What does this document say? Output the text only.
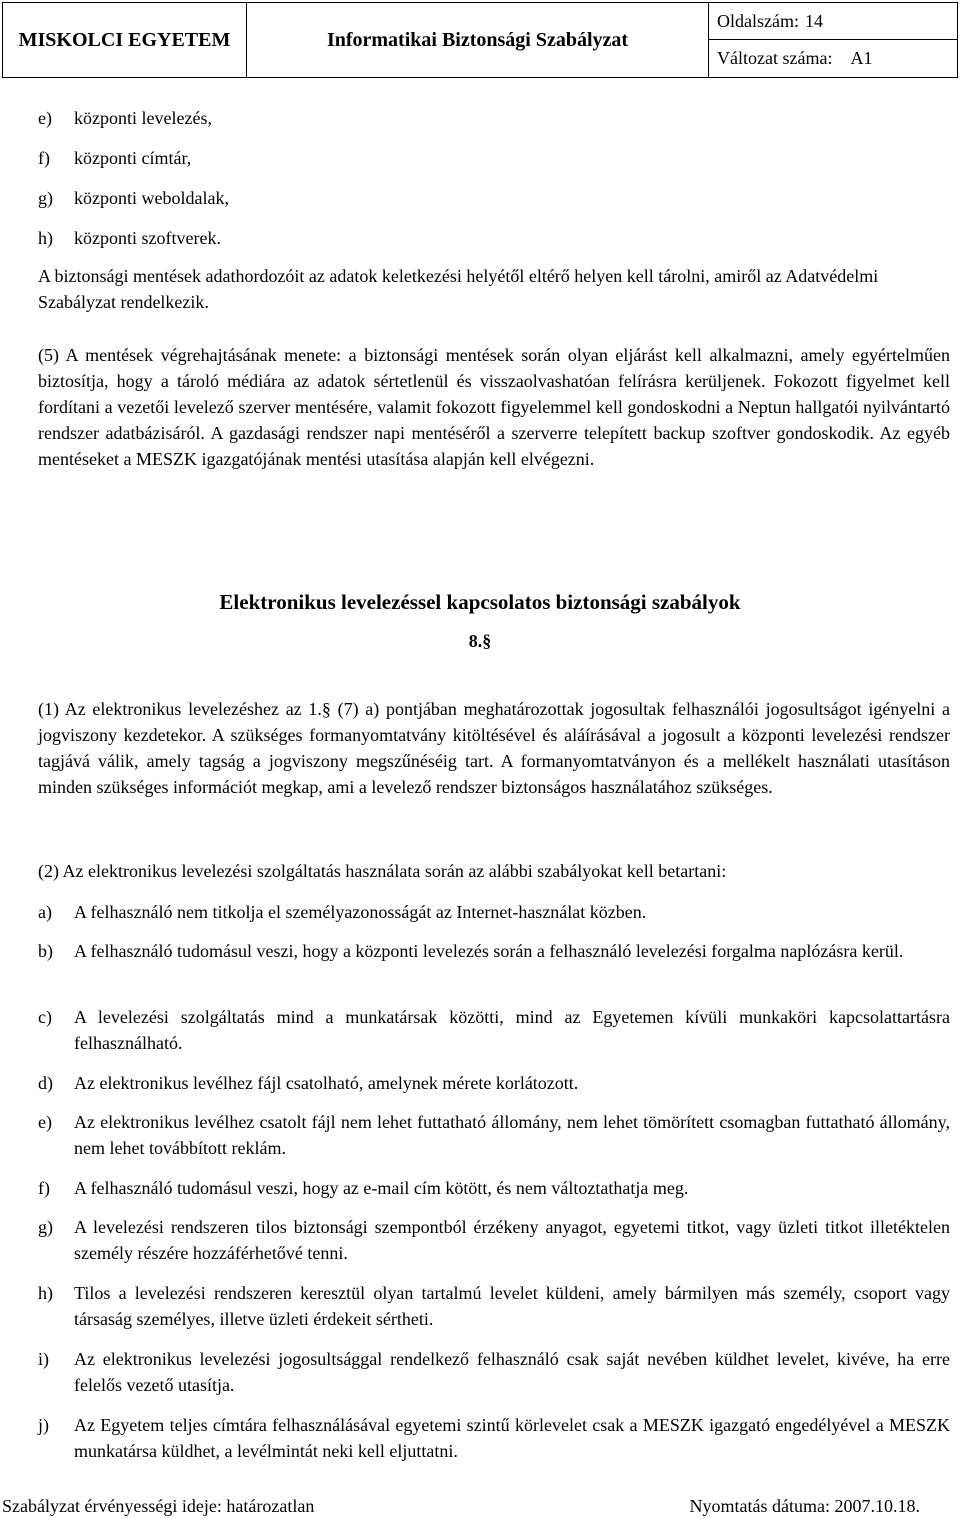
MISKOLCI EGYETEM	Informatikai Biztonsági Szabályzat
Oldalszám: 14
Változat száma: A1
e)	központi levelezés,
f)	központi címtár,
g)	központi weboldalak,
h)	központi szoftverek.
A biztonsági mentések adathordozóit az adatok keletkezési helyétől eltérő helyen kell tárolni, amiről az Adatvédelmi Szabályzat rendelkezik.
(5) A mentések végrehajtásának menete: a biztonsági mentések során olyan eljárást kell alkalmazni, amely egyértelműen biztosítja, hogy a tároló médiára az adatok sértetlenül és visszaolvashatóan felírásra kerüljenek. Fokozott figyelmet kell fordítani a vezetői levelező szerver mentésére, valamit fokozott figyelemmel kell gondoskodni a Neptun hallgatói nyilvántartó rendszer adatbázisáról. A gazdasági rendszer napi mentéséről a szerverre telepített backup szoftver gondoskodik. Az egyéb mentéseket a MESZK igazgatójának mentési utasítása alapján kell elvégezni.
Elektronikus levelezéssel kapcsolatos biztonsági szabályok
8.§
(1) Az elektronikus levelezéshez az 1.§ (7) a) pontjában meghatározottak jogosultak felhasználói jogosultságot igényelni a jogviszony kezdetekor. A szükséges formanyomtatvány kitöltésével és aláírásával a jogosult a központi levelezési rendszer tagjává válik, amely tagság a jogviszony megszűnéséig tart. A formanyomtatványon és a mellékelt használati utasításon minden szükséges információt megkap, ami a levelező rendszer biztonságos használatához szükséges.
(2) Az elektronikus levelezési szolgáltatás használata során az alábbi szabályokat kell betartani:
a)	A felhasználó nem titkolja el személyazonosságát az Internet-használat közben.
b)	A felhasználó tudomásul veszi, hogy a központi levelezés során a felhasználó levelezési forgalma naplózásra kerül.
c)	A levelezési szolgáltatás mind a munkatársak közötti, mind az Egyetemen kívüli munkaköri kapcsolattartásra felhasználható.
d)	Az elektronikus levélhez fájl csatolható, amelynek mérete korlátozott.
e)	Az elektronikus levélhez csatolt fájl nem lehet futtatható állomány, nem lehet tömörített csomagban futtatható állomány, nem lehet továbbított reklám.
f)	A felhasználó tudomásul veszi, hogy az e-mail cím kötött, és nem változtathatja meg.
g)	A levelezési rendszeren tilos biztonsági szempontból érzékeny anyagot, egyetemi titkot, vagy üzleti titkot illetéktelen személy részére hozzáférhetővé tenni.
h)	Tilos a levelezési rendszeren keresztül olyan tartalmú levelet küldeni, amely bármilyen más személy, csoport vagy társaság személyes, illetve üzleti érdekeit sértheti.
i)	Az elektronikus levelezési jogosultsággal rendelkező felhasználó csak saját nevében küldhet levelet, kivéve, ha erre felelős vezető utasítja.
j)	Az Egyetem teljes címtára felhasználásával egyetemi szintű körlevelet csak a MESZK igazgató engedélyével a MESZK munkatársa küldhet, a levélmintát neki kell eljuttatni.
Szabályzat érvényességi ideje: határozatlan	Nyomtatás dátuma: 2007.10.18.
